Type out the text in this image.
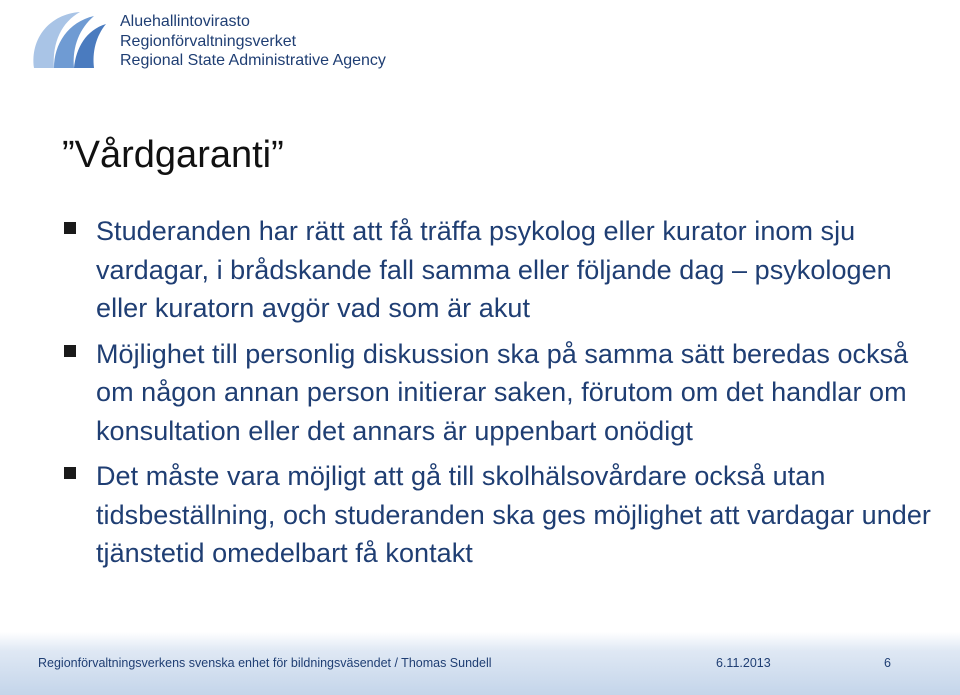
Aluehallintovirasto
Regionförvaltningsverket
Regional State Administrative Agency
”Vårdgaranti”
Studeranden har rätt att få träffa psykolog eller kurator inom sju vardagar, i brådskande fall samma eller följande dag – psykologen eller kuratorn avgör vad som är akut
Möjlighet till personlig diskussion ska på samma sätt beredas också om någon annan person initierar saken, förutom om det handlar om konsultation eller det annars är uppenbart onödigt
Det måste vara möjligt att gå till skolhälsovårdare också utan tidsbeställning, och studeranden ska ges möjlighet att vardagar under tjänstetid omedelbart få kontakt
Regionförvaltningsverkens svenska enhet för bildningsväsendet / Thomas Sundell	6.11.2013	6
